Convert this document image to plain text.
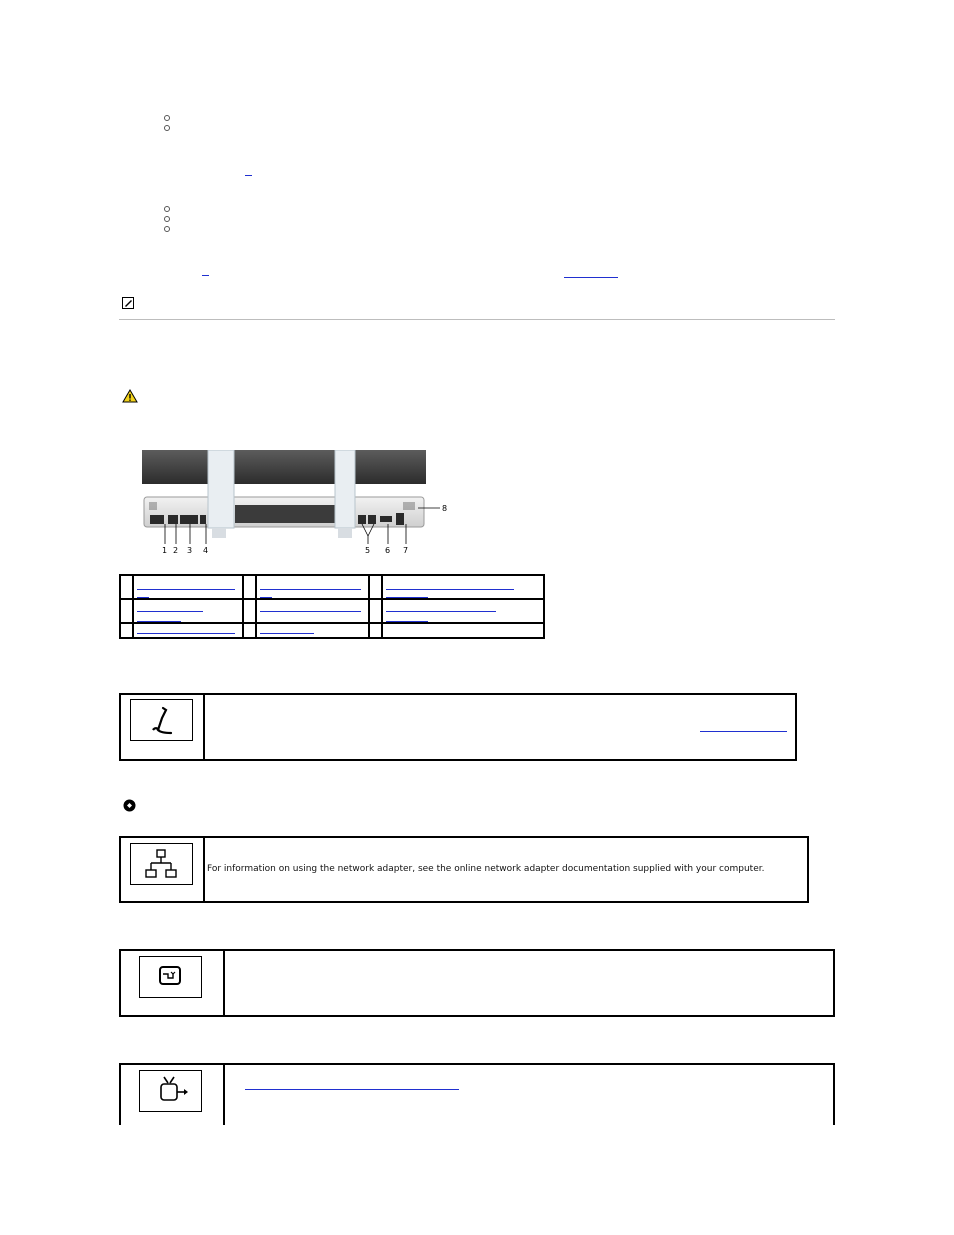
1 2 3 4	5 6 7
8

For information on using the network adapter, see the online network adapter documentation supplied with your computer.
